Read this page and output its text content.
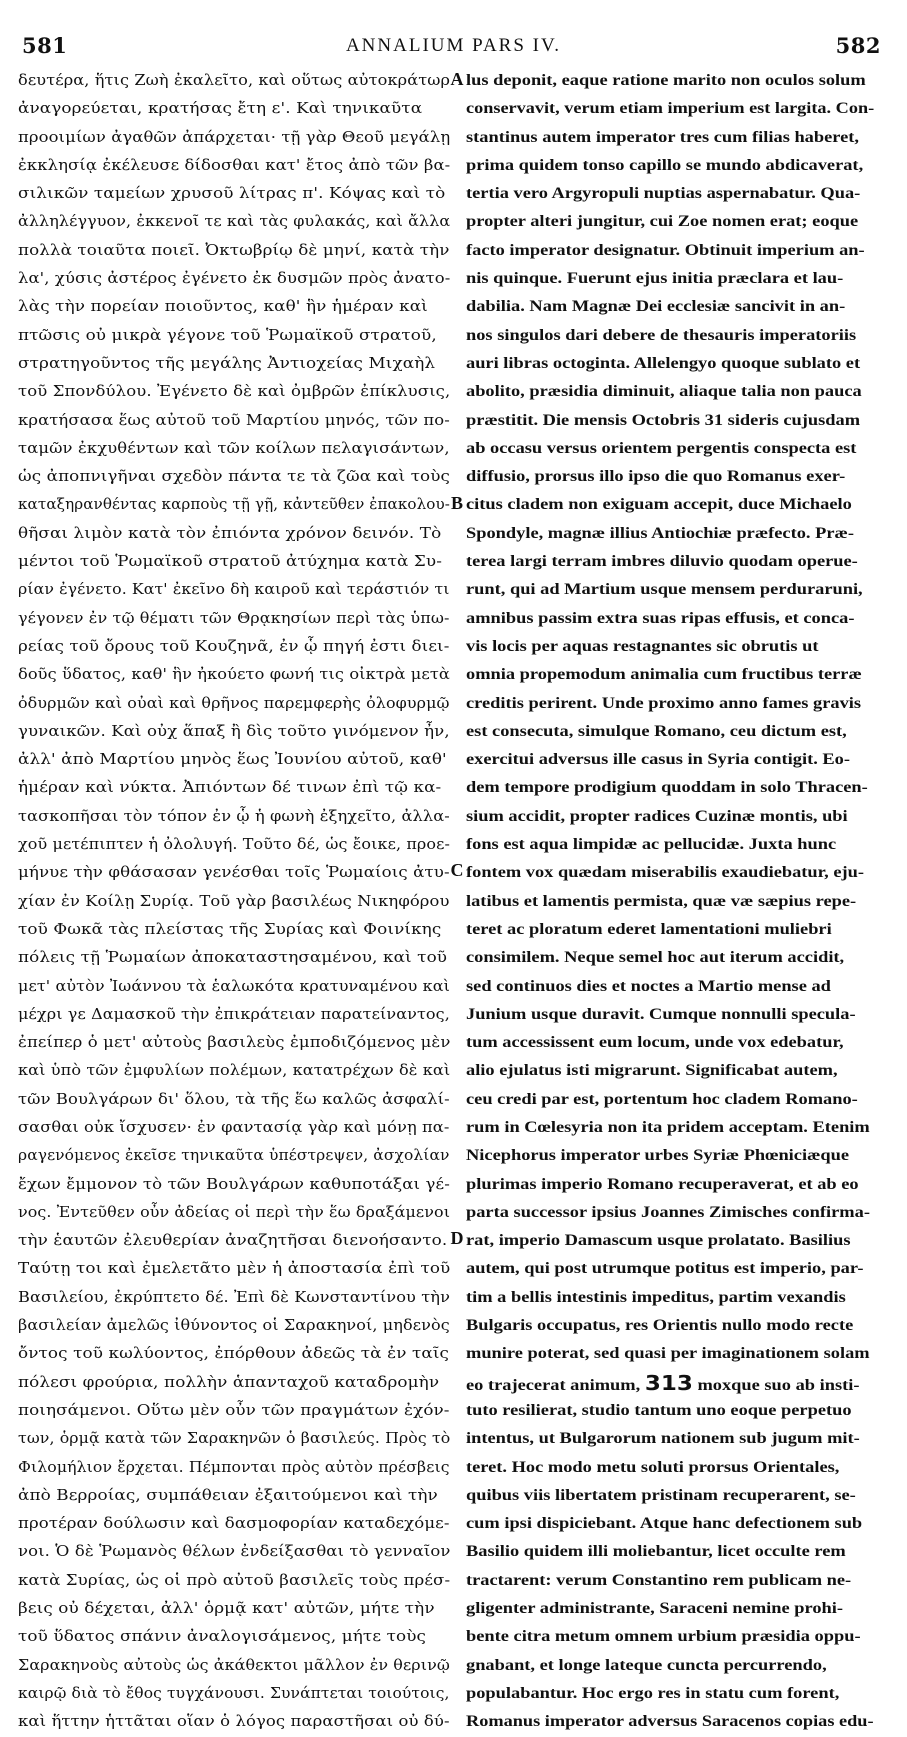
581	ANNALIUM PARS IV.	582
δευτέρα, ἥτις Ζωὴ ἐκαλεῖτο, καὶ οὕτως αὐτοκράτωρ
ἀναγορεύεται, κρατήσας ἔτη ε'. Καὶ τηνικαῦτα
προοιμίων ἀγαθῶν ἀπάρχεται· τῇ γὰρ Θεοῦ μεγάλῃ
ἐκκλησίᾳ ἐκέλευσε δίδοσθαι κατ' ἔτος ἀπὸ τῶν βα-
σιλικῶν ταμείων χρυσοῦ λίτρας π'. Κόψας καὶ τὸ
ἀλληλέγγυον, ἐκκενοῖ τε καὶ τὰς φυλακάς, καὶ ἄλλα
πολλὰ τοιαῦτα ποιεῖ. Ὀκτωβρίῳ δὲ μηνί, κατὰ τὴν
λα', χύσις ἀστέρος ἐγένετο ἐκ δυσμῶν πρὸς ἀνατο-
λὰς τὴν πορείαν ποιοῦντος, καθ' ἣν ἡμέραν καὶ
πτῶσις οὐ μικρὰ γέγονε τοῦ Ῥωμαϊκοῦ στρατοῦ,
στρατηγοῦντος τῆς μεγάλης Ἀντιοχείας Μιχαὴλ
τοῦ Σπονδύλου. Ἐγένετο δὲ καὶ ὀμβρῶν ἐπίκλυσις,
κρατήσασα ἕως αὐτοῦ τοῦ Μαρτίου μηνός, τῶν πο-
ταμῶν ἐκχυθέντων καὶ τῶν κοίλων πελαγισάντων,
ὡς ἀποπνιγῆναι σχεδὸν πάντα τε τὰ ζῶα καὶ τοὺς
καταξηρανθέντας καρποὺς τῇ γῇ, κἀντεῦθεν ἐπακολου-
θῆσαι λιμὸν κατὰ τὸν ἐπιόντα χρόνον δεινόν. Τὸ
μέντοι τοῦ Ῥωμαϊκοῦ στρατοῦ ἀτύχημα κατὰ Συ-
ρίαν ἐγένετο. Κατ' ἐκεῖνο δὴ καιροῦ καὶ τεράστιόν τι
γέγονεν ἐν τῷ θέματι τῶν Θρᾳκησίων περὶ τὰς ὑπω-
ρείας τοῦ ὄρους τοῦ Κουζηνᾶ, ἐν ᾧ πηγή ἐστι διει-
δοῦς ὕδατος, καθ' ἣν ἠκούετο φωνή τις οἰκτρὰ μετὰ
ὀδυρμῶν καὶ οὐαὶ καὶ θρῆνος παρεμφερὴς ὀλοφυρμῷ
γυναικῶν. Καὶ οὐχ ἅπαξ ἢ δὶς τοῦτο γινόμενον ἦν,
ἀλλ' ἀπὸ Μαρτίου μηνὸς ἕως Ἰουνίου αὐτοῦ, καθ'
ἡμέραν καὶ νύκτα. Ἀπιόντων δέ τινων ἐπὶ τῷ κα-
τασκοπῆσαι τὸν τόπον ἐν ᾧ ἡ φωνὴ ἐξηχεῖτο, ἀλλα-
χοῦ μετέπιπτεν ἡ ὀλολυγή. Τοῦτο δέ, ὡς ἔοικε, προε-
μήνυε τὴν φθάσασαν γενέσθαι τοῖς Ῥωμαίοις ἀτυ-
χίαν ἐν Κοίλῃ Συρίᾳ. Τοῦ γὰρ βασιλέως Νικηφόρου
τοῦ Φωκᾶ τὰς πλείστας τῆς Συρίας καὶ Φοινίκης
πόλεις τῇ Ῥωμαίων ἀποκαταστησαμένου, καὶ τοῦ
μετ' αὐτὸν Ἰωάννου τὰ ἑαλωκότα κρατυναμένου καὶ
μέχρι γε Δαμασκοῦ τὴν ἐπικράτειαν παρατείναντος,
ἐπείπερ ὁ μετ' αὐτοὺς βασιλεὺς ἐμποδιζόμενος μὲν
καὶ ὑπὸ τῶν ἐμφυλίων πολέμων, κατατρέχων δὲ καὶ
τῶν Βουλγάρων δι' ὅλου, τὰ τῆς ἕω καλῶς ἀσφαλί-
σασθαι οὐκ ἴσχυσεν· ἐν φαντασίᾳ γὰρ καὶ μόνῃ πα-
ραγενόμενος ἐκεῖσε τηνικαῦτα ὑπέστρεψεν, ἀσχολίαν
ἔχων ἔμμονον τὸ τῶν Βουλγάρων καθυποτάξαι γέ-
νος. Ἐντεῦθεν οὖν ἀδείας οἱ περὶ τὴν ἕω δραξάμενοι
τὴν ἑαυτῶν ἐλευθερίαν ἀναζητῆσαι διενοήσαντο.
Ταύτῃ τοι καὶ ἐμελετᾶτο μὲν ἡ ἀποστασία ἐπὶ τοῦ
Βασιλείου, ἐκρύπτετο δέ. Ἐπὶ δὲ Κωνσταντίνου τὴν
βασιλείαν ἀμελῶς ἰθύνοντος οἱ Σαρακηνοί, μηδενὸς
ὄντος τοῦ κωλύοντος, ἐπόρθουν ἀδεῶς τὰ ἐν ταῖς
πόλεσι φρούρια, πολλὴν ἁπανταχοῦ καταδρομὴν
ποιησάμενοι. Οὕτω μὲν οὖν τῶν πραγμάτων ἐχόν-
των, ὁρμᾷ κατὰ τῶν Σαρακηνῶν ὁ βασιλεύς. Πρὸς τὸ
Φιλομήλιον ἔρχεται. Πέμπονται πρὸς αὐτὸν πρέσβεις
ἀπὸ Βερροίας, συμπάθειαν ἐξαιτούμενοι καὶ τὴν
προτέραν δούλωσιν καὶ δασμοφορίαν καταδεχόμε-
νοι. Ὁ δὲ Ῥωμανὸς θέλων ἐνδείξασθαι τὸ γενναῖον
κατὰ Συρίας, ὡς οἱ πρὸ αὐτοῦ βασιλεῖς τοὺς πρέσ-
βεις οὐ δέχεται, ἀλλ' ὁρμᾷ κατ' αὐτῶν, μήτε τὴν
τοῦ ὕδατος σπάνιν ἀναλογισάμενος, μήτε τοὺς
Σαρακηνοὺς αὐτοὺς ὡς ἀκάθεκτοι μᾶλλον ἐν θερινῷ
καιρῷ διὰ τὸ ἔθος τυγχάνουσι. Συνάπτεται τοιούτοις,
καὶ ἥττην ἡττᾶται οἵαν ὁ λόγος παραστῆσαι οὐ δύ-
lus deponit, eaque ratione marito non oculos solum
conservavit, verum etiam imperium est largita. Con-
stantinus autem imperator tres cum filias haberet,
prima quidem tonso capillo se mundo abdicaverat,
tertia vero Argyropuli nuptias aspernabatur. Qua-
propter alteri jungitur, cui Zoe nomen erat; eoque
facto imperator designatur. Obtinuit imperium an-
nis quinque. Fuerunt ejus initia præclara et lau-
dabilia. Nam Magnæ Dei ecclesiæ sancivit in an-
nos singulos dari debere de thesauris imperatoriis
auri libras octoginta. Allelengyo quoque sublato et
abolito, præsidia diminuit, aliaque talia non pauca
præstitit. Die mensis Octobris 31 sideris cujusdam
ab occasu versus orientem pergentis conspecta est
diffusio, prorsus illo ipso die quo Romanus exer-
citus cladem non exiguam accepit, duce Michaelo
Spondyle, magnæ illius Antiochiæ præfecto. Præ-
terea largi terram imbres diluvio quodam operue-
runt, qui ad Martium usque mensem perduraruni,
amnibus passim extra suas ripas effusis, et conca-
vis locis per aquas restagnantes sic obrutis ut
omnia propemodum animalia cum fructibus terræ
creditis perirent. Unde proximo anno fames gravis
est consecuta, simulque Romano, ceu dictum est,
exercitui adversus ille casus in Syria contigit. Eo-
dem tempore prodigium quoddam in solo Thracen-
sium accidit, propter radices Cuzinæ montis, ubi
fons est aqua limpidæ ac pellucidæ. Juxta hunc
fontem vox quædam miserabilis exaudiebatur, eju-
latibus et lamentis permista, quæ væ sæpius repe-
teret ac ploratum ederet lamentationi muliebri
consimilem. Neque semel hoc aut iterum accidit,
sed continuos dies et noctes a Martio mense ad
Junium usque duravit. Cumque nonnulli specula-
tum accessissent eum locum, unde vox edebatur,
alio ejulatus isti migrarunt. Significabat autem,
ceu credi par est, portentum hoc cladem Romano-
rum in Cœlesyria non ita pridem acceptam. Etenim
Nicephorus imperator urbes Syriæ Phœniciæque
plurimas imperio Romano recuperaverat, et ab eo
parta successor ipsius Joannes Zimisches confirma-
rat, imperio Damascum usque prolatato. Basilius
autem, qui post utrumque potitus est imperio, par-
tim a bellis intestinis impeditus, partim vexandis
Bulgaris occupatus, res Orientis nullo modo recte
munire poterat, sed quasi per imaginationem solam
eo trajecerat animum, 313 moxque suo ab insti-
tuto resilierat, studio tantum uno eoque perpetuo
intentus, ut Bulgarorum nationem sub jugum mit-
teret. Hoc modo metu soluti prorsus Orientales,
quibus viis libertatem pristinam recuperarent, se-
cum ipsi dispiciebant. Atque hanc defectionem sub
Basilio quidem illi moliebantur, licet occulte rem
tractarent: verum Constantino rem publicam ne-
gligenter administrante, Saraceni nemine prohi-
bente citra metum omnem urbium præsidia oppu-
gnabant, et longe lateque cuncta percurrendo,
populabantur. Hoc ergo res in statu cum forent,
Romanus imperator adversus Saracenos copias edu-
A
B
C
D
